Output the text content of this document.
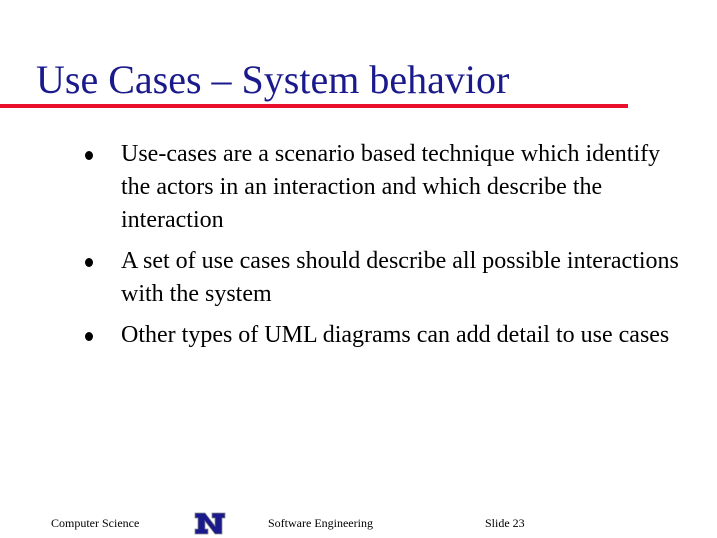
Use Cases – System behavior
Use-cases are a scenario based technique which identify the actors in an interaction and which describe the interaction
A set of use cases should describe all possible interactions with the system
Other types of UML diagrams can add detail to use cases
Computer Science	Software Engineering	Slide 23
